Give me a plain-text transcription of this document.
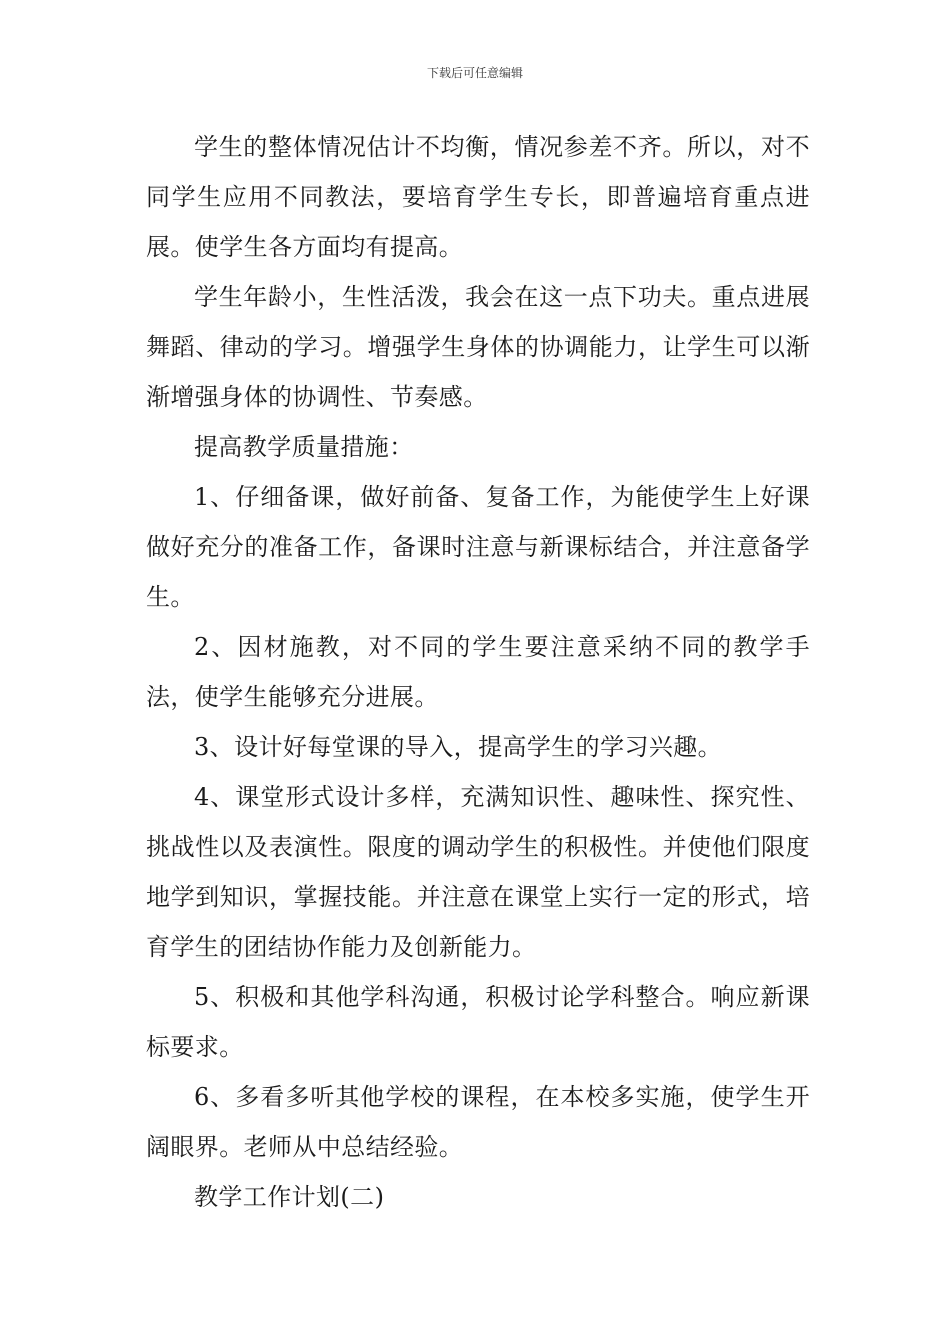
下载后可任意编辑

学生的整体情况估计不均衡，情况参差不齐。所以，对不同学生应用不同教法，要培育学生专长，即普遍培育重点进展。使学生各方面均有提高。

学生年龄小，生性活泼，我会在这一点下功夫。重点进展舞蹈、律动的学习。增强学生身体的协调能力，让学生可以渐渐增强身体的协调性、节奏感。

提高教学质量措施：

1、仔细备课，做好前备、复备工作，为能使学生上好课做好充分的准备工作，备课时注意与新课标结合，并注意备学生。

2、因材施教，对不同的学生要注意采纳不同的教学手法，使学生能够充分进展。

3、设计好每堂课的导入，提高学生的学习兴趣。

4、课堂形式设计多样，充满知识性、趣味性、探究性、挑战性以及表演性。限度的调动学生的积极性。并使他们限度地学到知识，掌握技能。并注意在课堂上实行一定的形式，培育学生的团结协作能力及创新能力。

5、积极和其他学科沟通，积极讨论学科整合。响应新课标要求。

6、多看多听其他学校的课程，在本校多实施，使学生开阔眼界。老师从中总结经验。

教学工作计划(二)
